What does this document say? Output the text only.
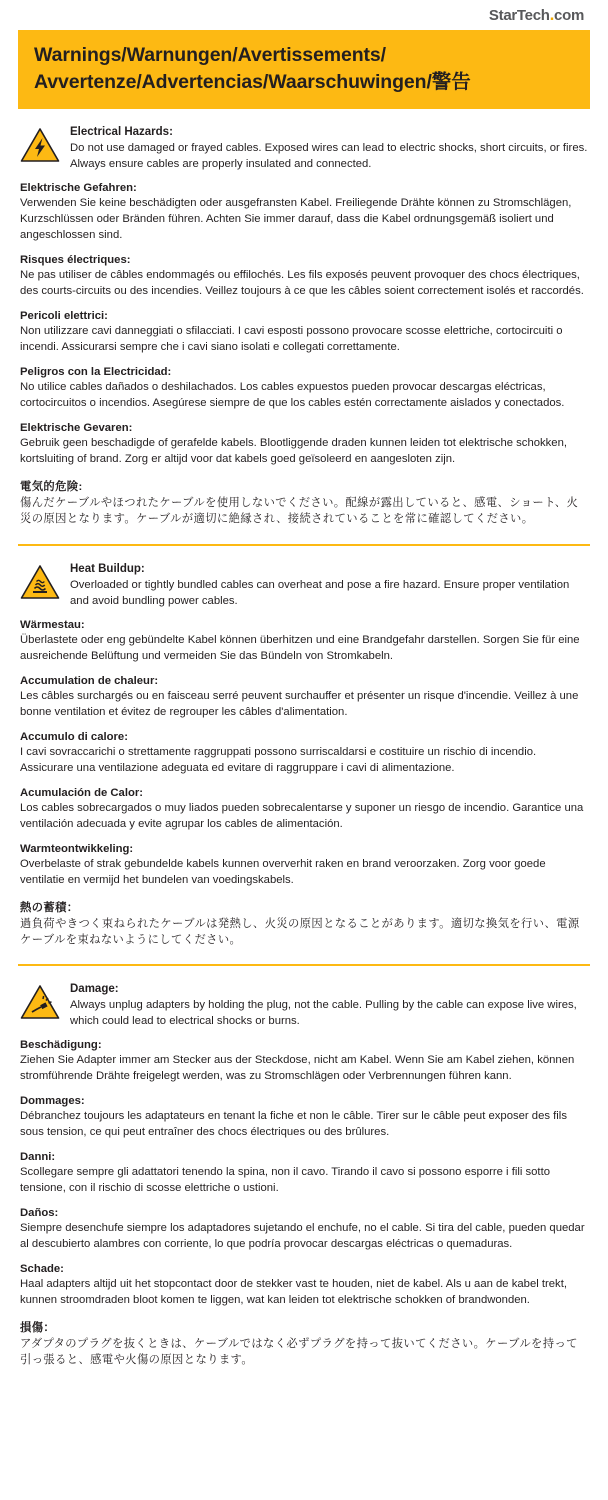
StarTech.com
Warnings/Warnungen/Avertissements/
Avvertenze/Advertencias/Waarschuwingen/警告
Electrical Hazards:
Do not use damaged or frayed cables. Exposed wires can lead to electric shocks, short circuits, or fires. Always ensure cables are properly insulated and connected.
Elektrische Gefahren:
Verwenden Sie keine beschädigten oder ausgefransten Kabel. Freiliegende Drähte können zu Stromschlägen, Kurzschlüssen oder Bränden führen. Achten Sie immer darauf, dass die Kabel ordnungsgemäß isoliert und angeschlossen sind.
Risques électriques:
Ne pas utiliser de câbles endommagés ou effilochés. Les fils exposés peuvent provoquer des chocs électriques, des courts-circuits ou des incendies. Veillez toujours à ce que les câbles soient correctement isolés et raccordés.
Pericoli elettrici:
Non utilizzare cavi danneggiati o sfilacciati. I cavi esposti possono provocare scosse elettriche, cortocircuiti o incendi. Assicurarsi sempre che i cavi siano isolati e collegati correttamente.
Peligros con la Electricidad:
No utilice cables dañados o deshilachados. Los cables expuestos pueden provocar descargas eléctricas, cortocircuitos o incendios. Asegúrese siempre de que los cables estén correctamente aislados y conectados.
Elektrische Gevaren:
Gebruik geen beschadigde of gerafelde kabels. Blootliggende draden kunnen leiden tot elektrische schokken, kortsluiting of brand. Zorg er altijd voor dat kabels goed geïsoleerd en aangesloten zijn.
電気的危険:
傷んだケーブルやほつれたケーブルを使用しないでください。配線が露出していると、感電、ショート、火災の原因となります。ケーブルが適切に絶縁され、接続されていることを常に確認してください。
Heat Buildup:
Overloaded or tightly bundled cables can overheat and pose a fire hazard. Ensure proper ventilation and avoid bundling power cables.
Wärmestau:
Überlastete oder eng gebündelte Kabel können überhitzen und eine Brandgefahr darstellen. Sorgen Sie für eine ausreichende Belüftung und vermeiden Sie das Bündeln von Stromkabeln.
Accumulation de chaleur:
Les câbles surchargés ou en faisceau serré peuvent surchauffer et présenter un risque d'incendie. Veillez à une bonne ventilation et évitez de regrouper les câbles d'alimentation.
Accumulo di calore:
I cavi sovraccarichi o strettamente raggruppati possono surriscaldarsi e costituire un rischio di incendio. Assicurare una ventilazione adeguata ed evitare di raggruppare i cavi di alimentazione.
Acumulación de Calor:
Los cables sobrecargados o muy liados pueden sobrecalentarse y suponer un riesgo de incendio. Garantice una ventilación adecuada y evite agrupar los cables de alimentación.
Warmteontwikkeling:
Overbelaste of strak gebundelde kabels kunnen oververhit raken en brand veroorzaken. Zorg voor goede ventilatie en vermijd het bundelen van voedingskabels.
熱の蓄積：
過負荷やきつく束ねられたケーブルは発熱し、火災の原因となることがあります。適切な換気を行い、電源ケーブルを束ねないようにしてください。
Damage:
Always unplug adapters by holding the plug, not the cable. Pulling by the cable can expose live wires, which could lead to electrical shocks or burns.
Beschädigung:
Ziehen Sie Adapter immer am Stecker aus der Steckdose, nicht am Kabel. Wenn Sie am Kabel ziehen, können stromführende Drähte freigelegt werden, was zu Stromschlägen oder Verbrennungen führen kann.
Dommages:
Débranchez toujours les adaptateurs en tenant la fiche et non le câble. Tirer sur le câble peut exposer des fils sous tension, ce qui peut entraîner des chocs électriques ou des brûlures.
Danni:
Scollegare sempre gli adattatori tenendo la spina, non il cavo. Tirando il cavo si possono esporre i fili sotto tensione, con il rischio di scosse elettriche o ustioni.
Daños:
Siempre desenchufe siempre los adaptadores sujetando el enchufe, no el cable. Si tira del cable, pueden quedar al descubierto alambres con corriente, lo que podría provocar descargas eléctricas o quemaduras.
Schade:
Haal adapters altijd uit het stopcontact door de stekker vast te houden, niet de kabel. Als u aan de kabel trekt, kunnen stroomdraden bloot komen te liggen, wat kan leiden tot elektrische schokken of brandwonden.
損傷：
アダプタのプラグを抜くときは、ケーブルではなく必ずプラグを持って抜いてください。ケーブルを持って引っ張ると、感電や火傷の原因となります。
